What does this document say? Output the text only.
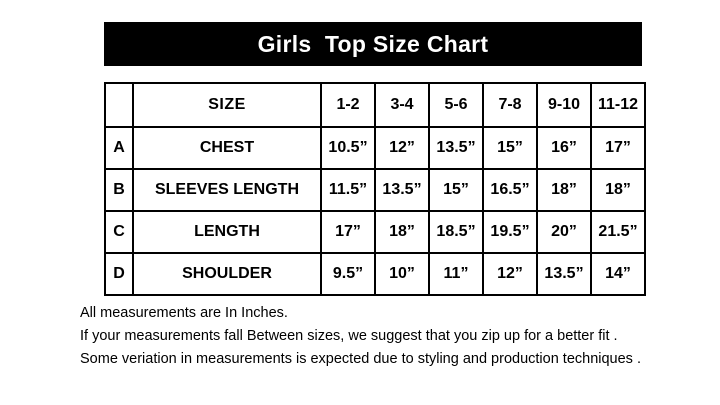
Girls  Top Size Chart
	SIZE	1-2	3-4	5-6	7-8	9-10	11-12
A	CHEST	10.5”	12”	13.5”	15”	16”	17”
B	SLEEVES LENGTH	11.5”	13.5”	15”	16.5”	18”	18”
C	LENGTH	17”	18”	18.5”	19.5”	20”	21.5”
D	SHOULDER	9.5”	10”	11”	12”	13.5”	14”
All measurements are In Inches.
If your measurements fall Between sizes, we suggest that you zip up for a better fit .
Some veriation in measurements is expected due to styling and production techniques .
